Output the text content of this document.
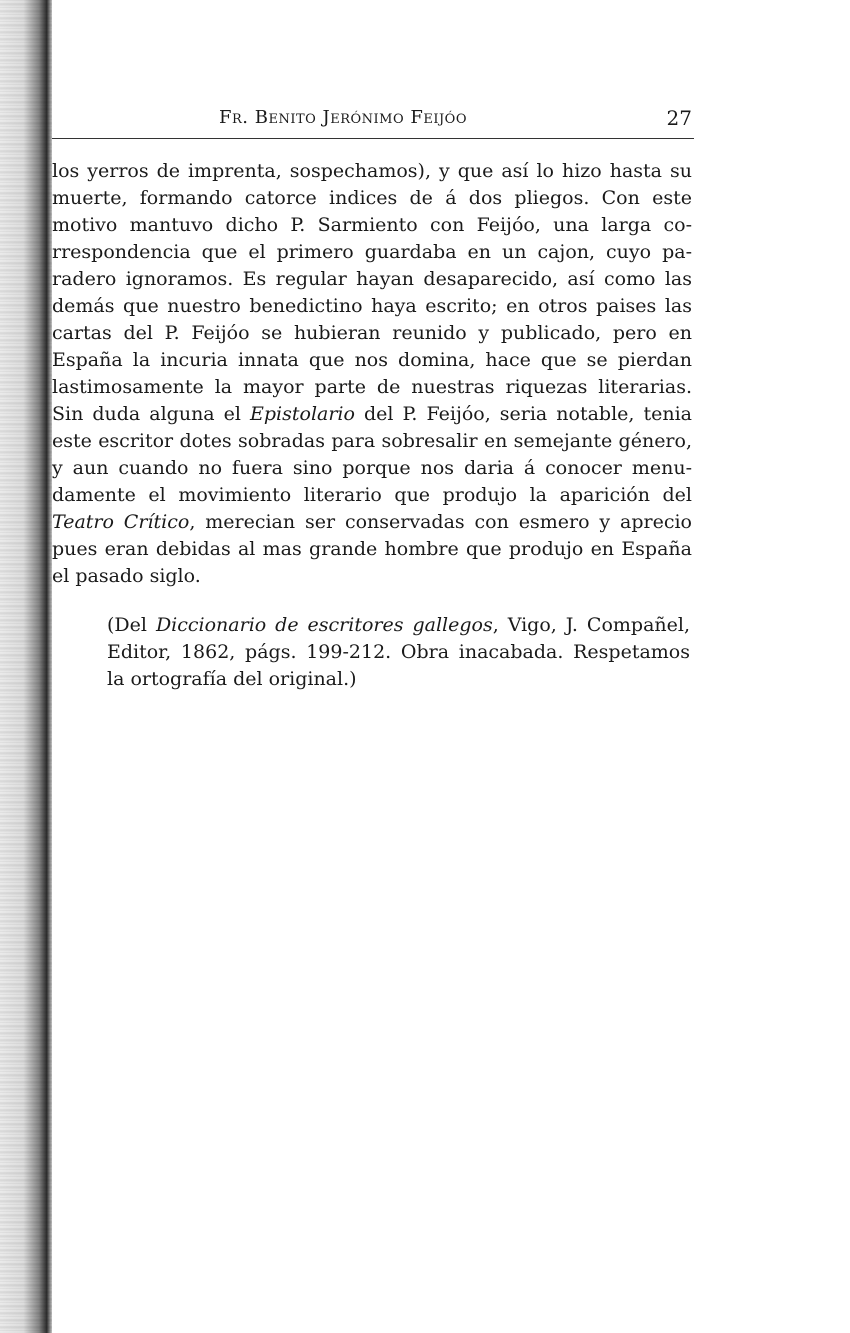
Fr. Benito Jerónimo Feijóo	27
los yerros de imprenta, sospechamos), y que así lo hizo hasta su
muerte, formando catorce indices de á dos pliegos. Con este
motivo mantuvo dicho P. Sarmiento con Feijóo, una larga co-
rrespondencia que el primero guardaba en un cajon, cuyo pa-
radero ignoramos. Es regular hayan desaparecido, así como las
demás que nuestro benedictino haya escrito; en otros paises las
cartas del P. Feijóo se hubieran reunido y publicado, pero en
España la incuria innata que nos domina, hace que se pierdan
lastimosamente la mayor parte de nuestras riquezas literarias.
Sin duda alguna el Epistolario del P. Feijóo, seria notable, tenia
este escritor dotes sobradas para sobresalir en semejante género,
y aun cuando no fuera sino porque nos daria á conocer menu-
damente el movimiento literario que produjo la aparición del
Teatro Crítico, merecian ser conservadas con esmero y aprecio
pues eran debidas al mas grande hombre que produjo en España
el pasado siglo.
(Del Diccionario de escritores gallegos, Vigo, J. Compañel,
Editor, 1862, págs. 199-212. Obra inacabada. Respetamos
la ortografía del original.)
